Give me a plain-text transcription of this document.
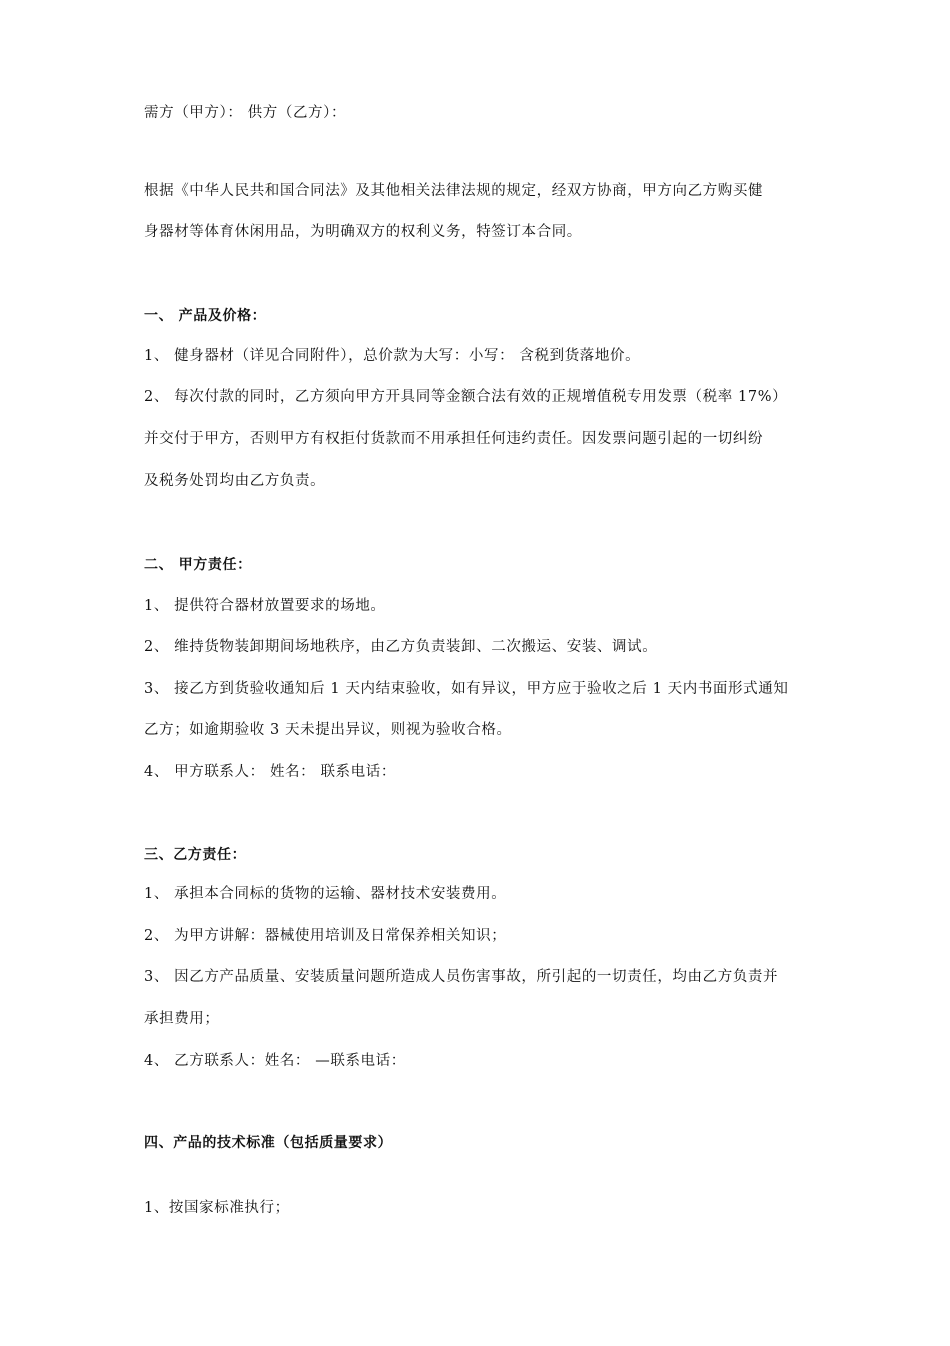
需方（甲方）： 供方（乙方）：

根据《中华人民共和国合同法》及其他相关法律法规的规定，经双方协商，甲方向乙方购买健

身器材等体育休闲用品，为明确双方的权利义务，特签订本合同。

一、 产品及价格：

1、 健身器材（详见合同附件），总价款为大写：小写： 含税到货落地价。

2、 每次付款的同时，乙方须向甲方开具同等金额合法有效的正规增值税专用发票（税率 17%）

并交付于甲方，否则甲方有权拒付货款而不用承担任何违约责任。因发票问题引起的一切纠纷

及税务处罚均由乙方负责。

二、 甲方责任：

1、 提供符合器材放置要求的场地。

2、 维持货物装卸期间场地秩序，由乙方负责装卸、二次搬运、安装、调试。

3、 接乙方到货验收通知后 1 天内结束验收，如有异议，甲方应于验收之后 1 天内书面形式通知

乙方；如逾期验收 3 天未提出异议，则视为验收合格。

4、 甲方联系人： 姓名： 联系电话：

三、乙方责任：

1、 承担本合同标的货物的运输、器材技术安装费用。

2、 为甲方讲解：器械使用培训及日常保养相关知识；

3、 因乙方产品质量、安装质量问题所造成人员伤害事故，所引起的一切责任，均由乙方负责并

承担费用；

4、 乙方联系人：姓名： —联系电话：

四、产品的技术标准（包括质量要求）

1、按国家标准执行；
